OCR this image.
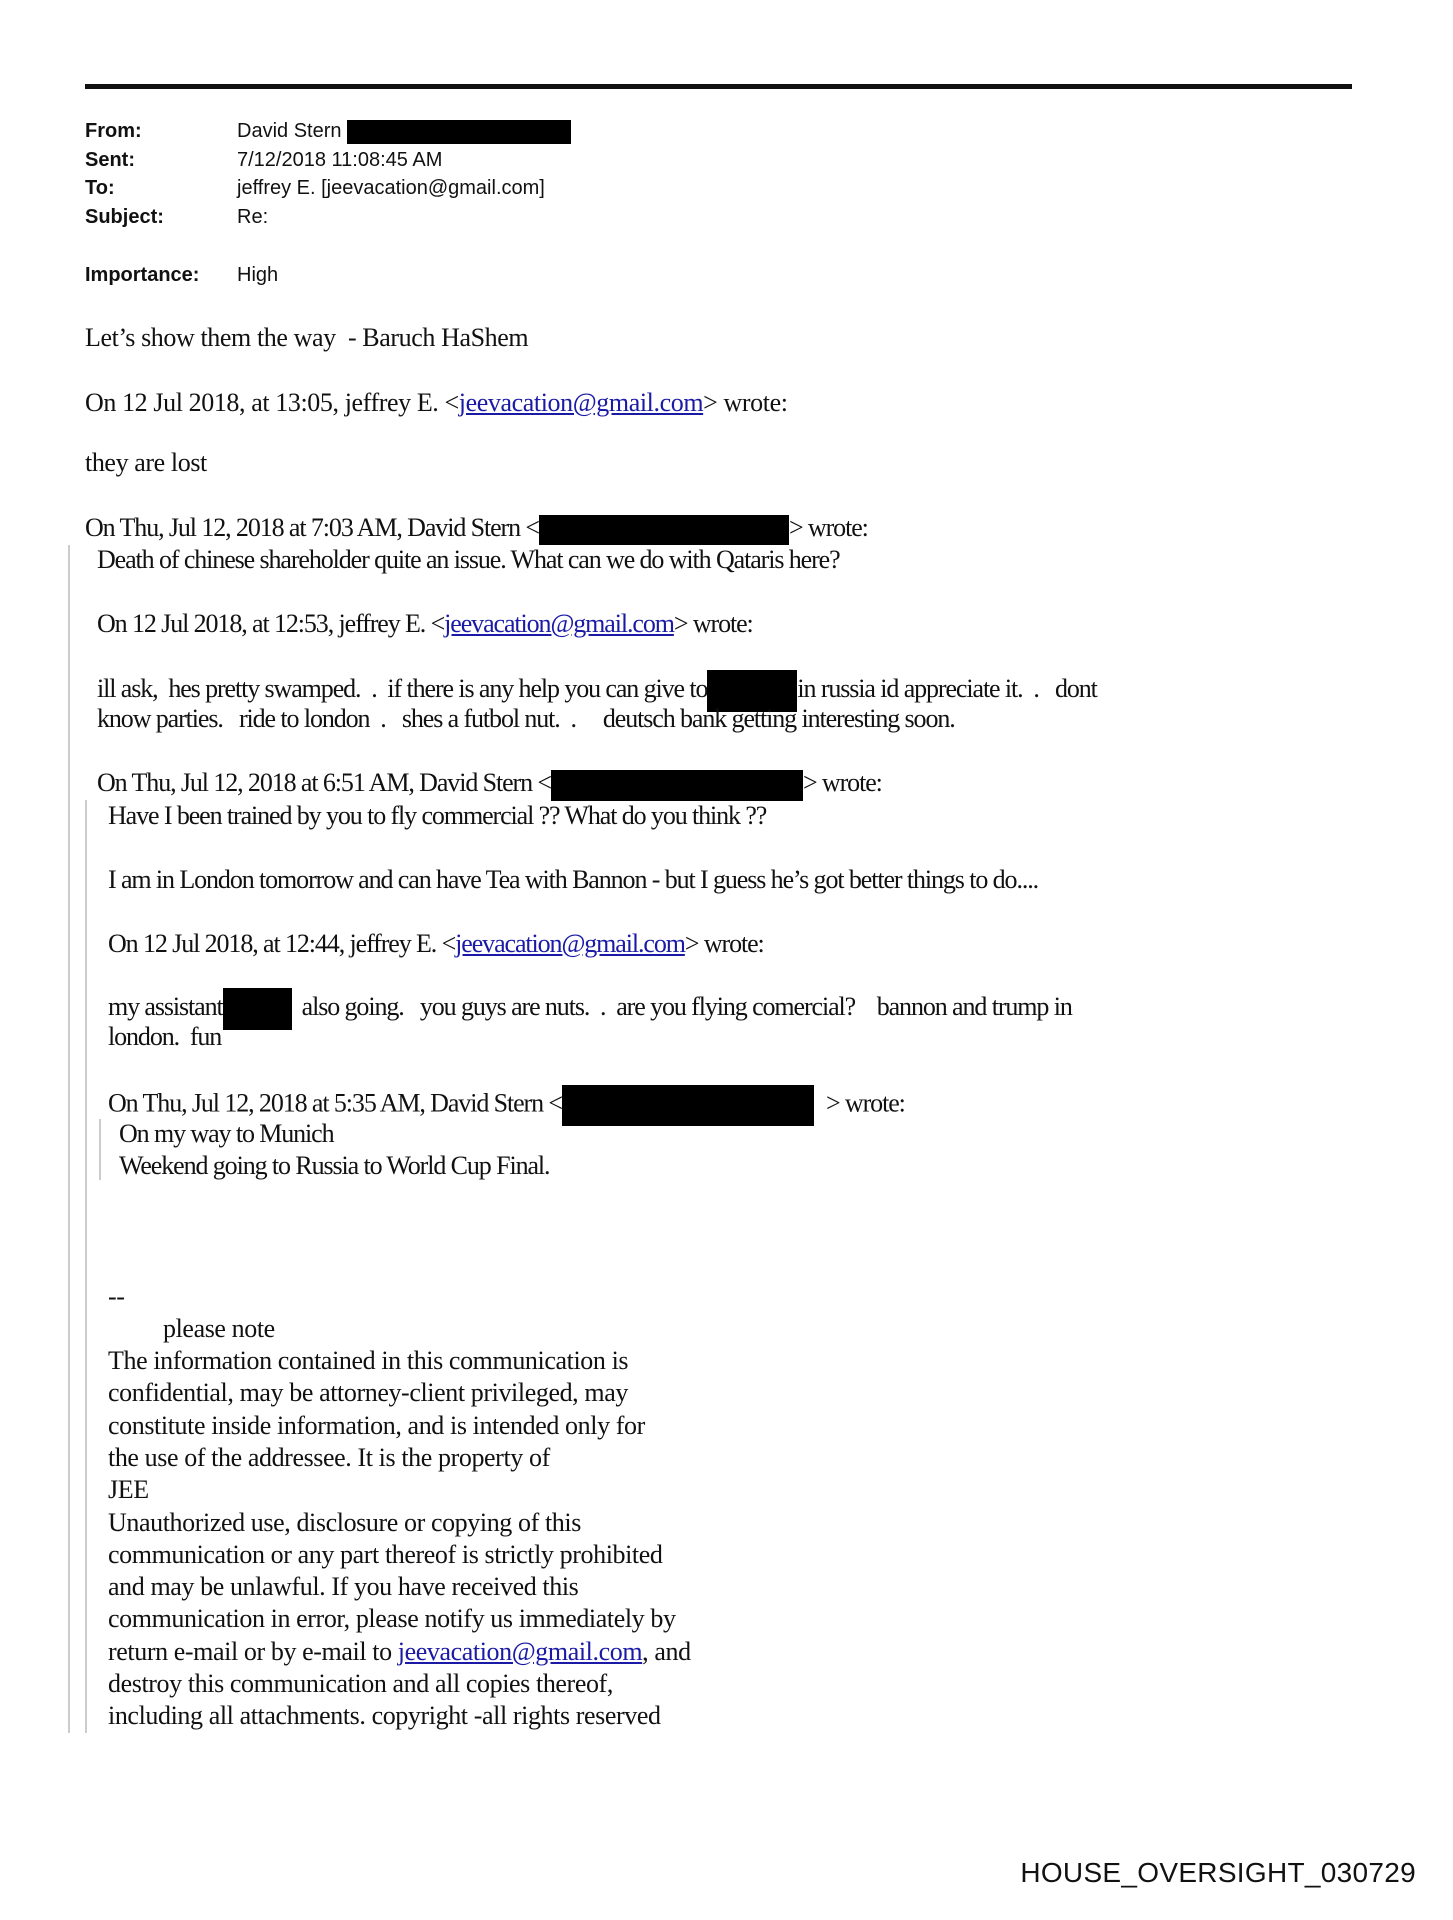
From:	David Stern
Sent:	7/12/2018 11:08:45 AM
To:	jeffrey E. [jeevacation@gmail.com]
Subject:	Re:
Importance: High
Let’s show them the way  - Baruch HaShem
On 12 Jul 2018, at 13:05, jeffrey E. <jeevacation@gmail.com> wrote:
they are lost
On Thu, Jul 12, 2018 at 7:03 AM, David Stern <	> wrote:
Death of chinese shareholder quite an issue. What can we do with Qataris here?
On 12 Jul 2018, at 12:53, jeffrey E. <jeevacation@gmail.com> wrote:
ill ask,  hes pretty swamped.  .  if there is any help you can give to	in russia id appreciate it.  .   dont
know parties.   ride to london  .   shes a futbol nut.  .     deutsch bank getting interesting soon.
On Thu, Jul 12, 2018 at 6:51 AM, David Stern <	> wrote:
Have I been trained by you to fly commercial ?? What do you think ??
I am in London tomorrow and can have Tea with Bannon - but I guess he’s got better things to do....
On 12 Jul 2018, at 12:44, jeffrey E. <jeevacation@gmail.com> wrote:
my assistant	also going.   you guys are nuts.  .  are you flying comercial?    bannon and trump in
london.  fun
On Thu, Jul 12, 2018 at 5:35 AM, David Stern <	> wrote:
On my way to Munich
Weekend going to Russia to World Cup Final.
--
please note
The information contained in this communication is
confidential, may be attorney-client privileged, may
constitute inside information, and is intended only for
the use of the addressee. It is the property of
JEE
Unauthorized use, disclosure or copying of this
communication or any part thereof is strictly prohibited
and may be unlawful. If you have received this
communication in error, please notify us immediately by
return e-mail or by e-mail to jeevacation@gmail.com, and
destroy this communication and all copies thereof,
including all attachments. copyright -all rights reserved
HOUSE_OVERSIGHT_030729
